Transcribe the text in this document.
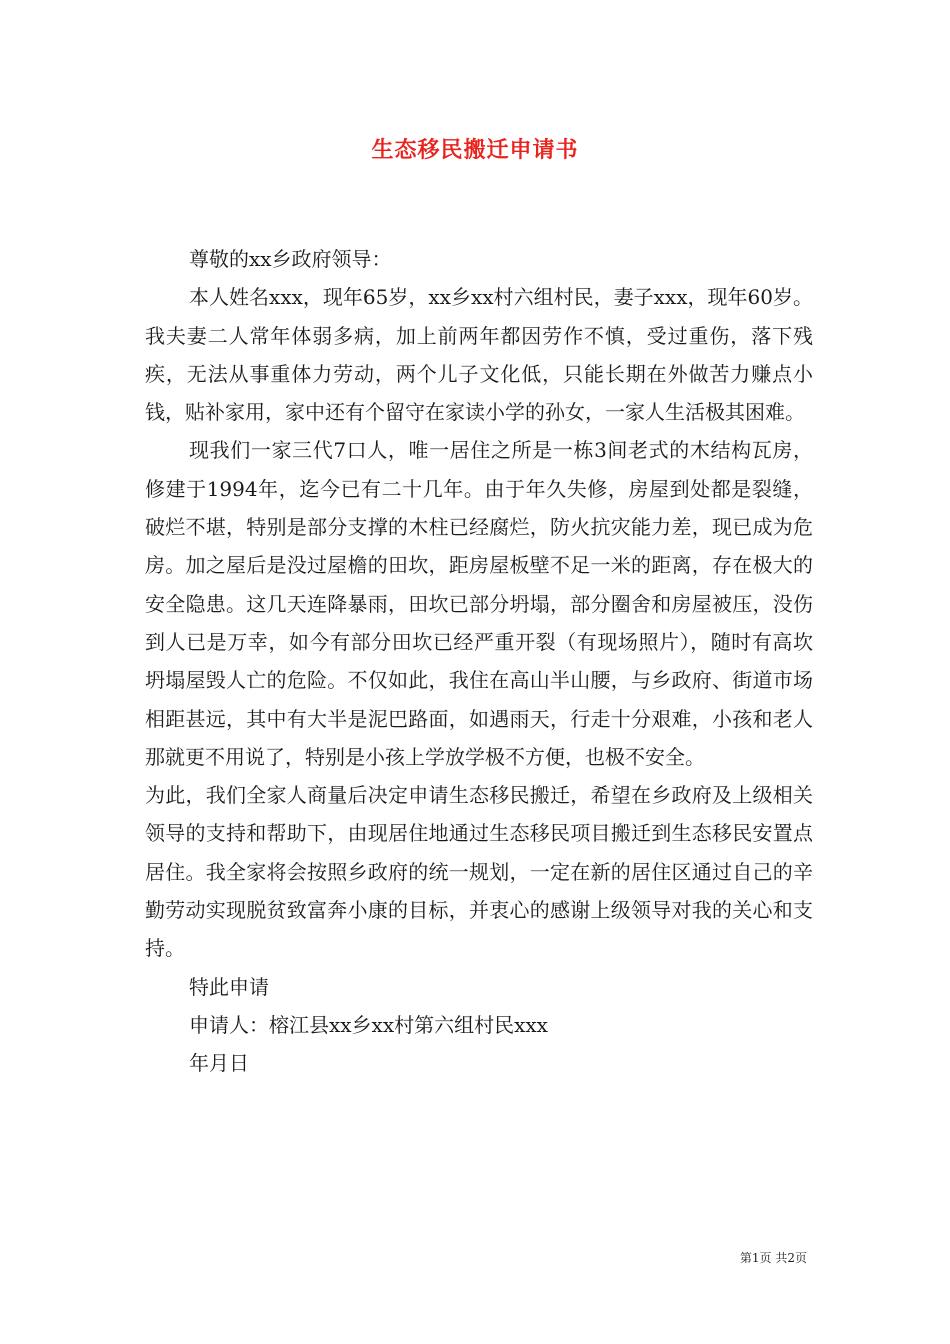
生态移民搬迁申请书

尊敬的xx乡政府领导：

本人姓名xxx，现年65岁，xx乡xx村六组村民，妻子xxx，现年60岁。我夫妻二人常年体弱多病，加上前两年都因劳作不慎，受过重伤，落下残疾，无法从事重体力劳动，两个儿子文化低，只能长期在外做苦力赚点小钱，贴补家用，家中还有个留守在家读小学的孙女，一家人生活极其困难。

现我们一家三代7口人，唯一居住之所是一栋3间老式的木结构瓦房，修建于1994年，迄今已有二十几年。由于年久失修，房屋到处都是裂缝，破烂不堪，特别是部分支撑的木柱已经腐烂，防火抗灾能力差，现已成为危房。加之屋后是没过屋檐的田坎，距房屋板壁不足一米的距离，存在极大的安全隐患。这几天连降暴雨，田坎已部分坍塌，部分圈舍和房屋被压，没伤到人已是万幸，如今有部分田坎已经严重开裂（有现场照片），随时有高坎坍塌屋毁人亡的危险。不仅如此，我住在高山半山腰，与乡政府、街道市场相距甚远，其中有大半是泥巴路面，如遇雨天，行走十分艰难，小孩和老人那就更不用说了，特别是小孩上学放学极不方便，也极不安全。

为此，我们全家人商量后决定申请生态移民搬迁，希望在乡政府及上级相关领导的支持和帮助下，由现居住地通过生态移民项目搬迁到生态移民安置点居住。我全家将会按照乡政府的统一规划，一定在新的居住区通过自己的辛勤劳动实现脱贫致富奔小康的目标，并衷心的感谢上级领导对我的关心和支持。

特此申请

申请人：榕江县xx乡xx村第六组村民xxx

年月日

第1页 共2页
